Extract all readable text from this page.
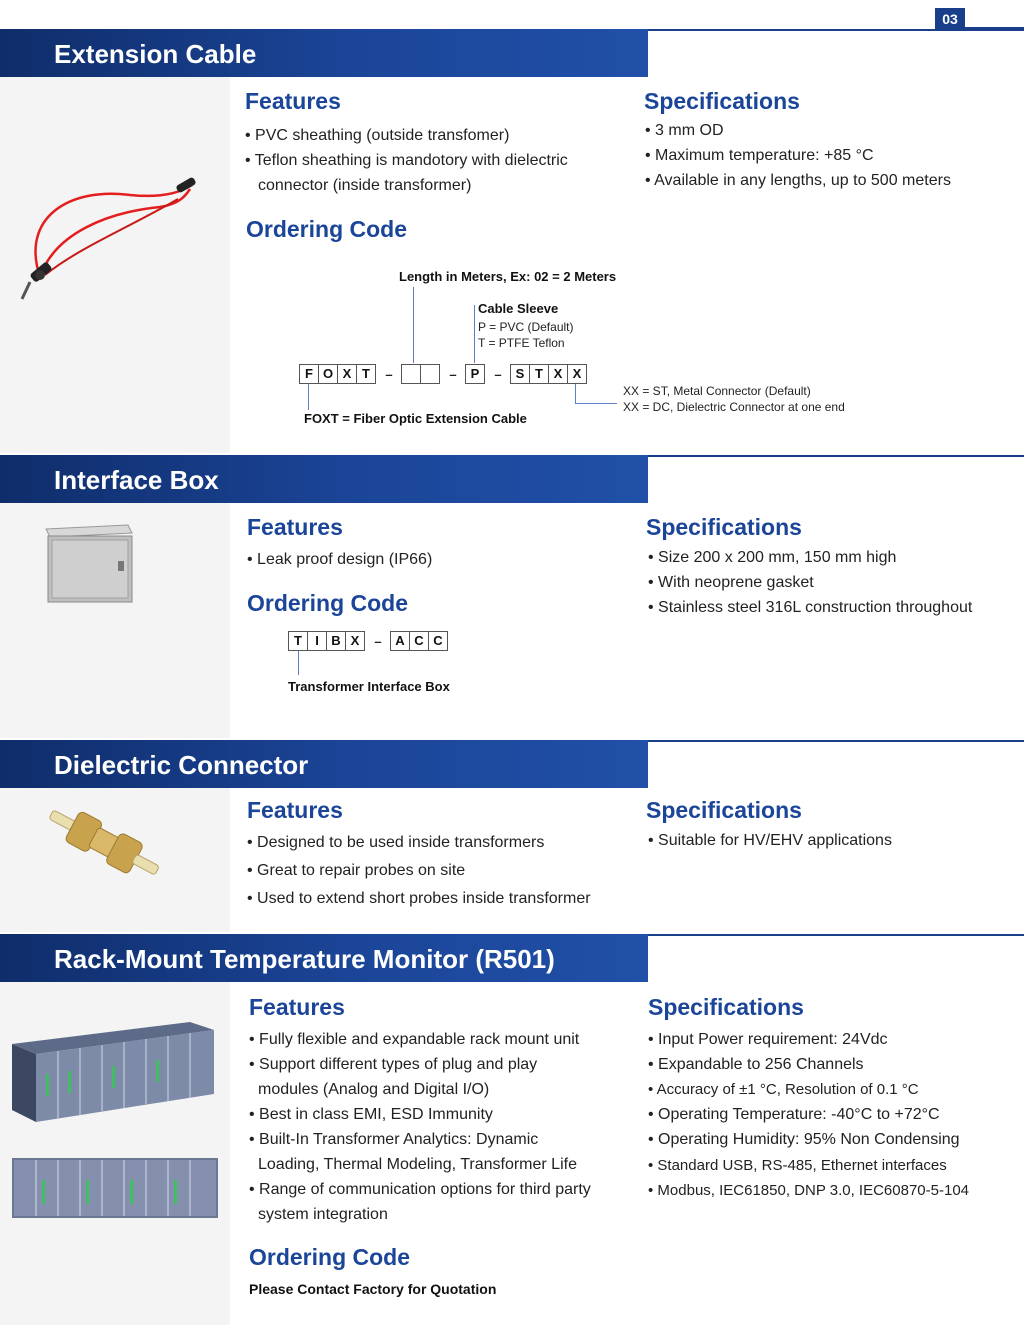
03
Extension Cable
Features
• PVC sheathing (outside transfomer)
• Teflon sheathing is mandotory with dielectric
connector (inside transformer)
Specifications
• 3 mm OD
• Maximum temperature: +85 °C
• Available in any lengths, up to 500 meters
Ordering Code
Length in Meters, Ex: 02 = 2 Meters
Cable Sleeve
P = PVC (Default)
T = PTFE Teflon
F O X T	–	–	P	–	S T X X
FOXT = Fiber Optic Extension Cable
XX = ST, Metal Connector (Default)
XX = DC, Dielectric Connector at one end
Interface Box
Features
• Leak proof design (IP66)
Specifications
• Size 200 x 200 mm, 150 mm high
• With neoprene gasket
• Stainless steel 316L construction throughout
Ordering Code
T	I B X	–	A C C
Transformer Interface Box
Dielectric Connector
Features
• Designed to be used inside transformers
• Great to repair probes on site
• Used to extend short probes inside transformer
Specifications
• Suitable for HV/EHV applications
Rack-Mount Temperature Monitor (R501)
Features
• Fully flexible and expandable rack mount unit
• Support different types of plug and play
modules (Analog and Digital I/O)
• Best in class EMI, ESD Immunity
• Built-In Transformer Analytics: Dynamic
Loading, Thermal Modeling, Transformer Life
• Range of communication options for third party
system integration
Specifications
• Input Power requirement: 24Vdc
• Expandable to 256 Channels
• Accuracy of ±1 °C, Resolution of 0.1 °C
• Operating Temperature: -40°C to +72°C
• Operating Humidity: 95% Non Condensing
• Standard USB, RS-485, Ethernet interfaces
• Modbus, IEC61850, DNP 3.0, IEC60870-5-104
Ordering Code
Please Contact Factory for Quotation
